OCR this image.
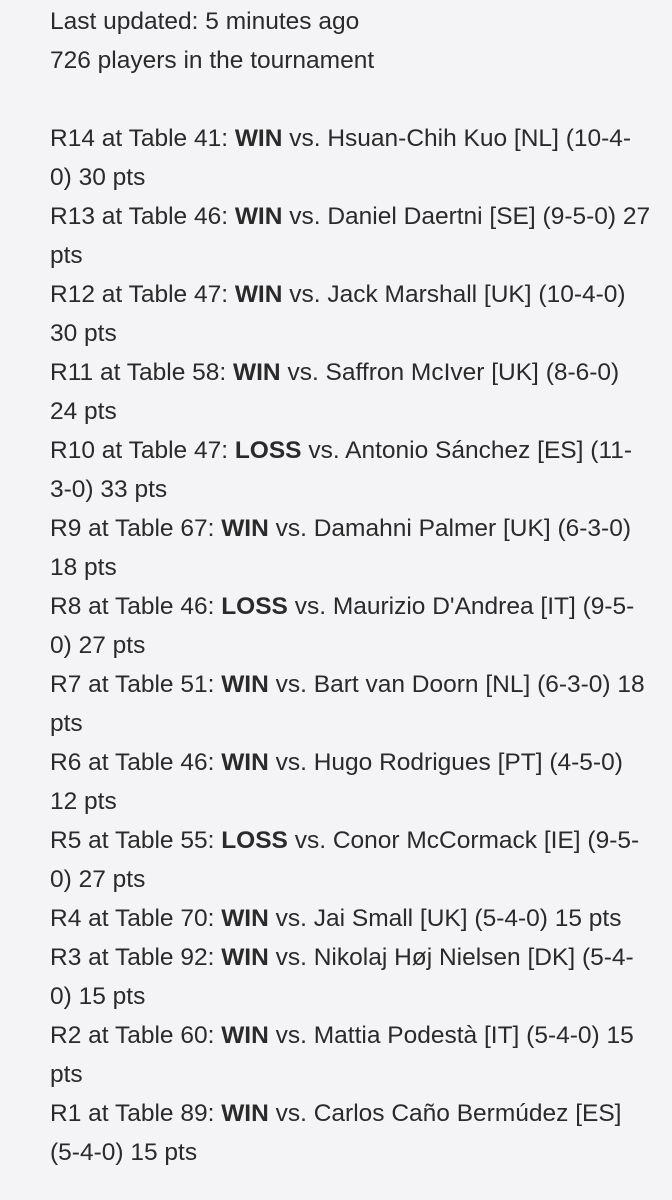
Last updated: 5 minutes ago
726 players in the tournament
R14 at Table 41: WIN vs. Hsuan-Chih Kuo [NL] (10-4-0) 30 pts
R13 at Table 46: WIN vs. Daniel Daertni [SE] (9-5-0) 27 pts
R12 at Table 47: WIN vs. Jack Marshall [UK] (10-4-0) 30 pts
R11 at Table 58: WIN vs. Saffron McIver [UK] (8-6-0) 24 pts
R10 at Table 47: LOSS vs. Antonio Sánchez [ES] (11-3-0) 33 pts
R9 at Table 67: WIN vs. Damahni Palmer [UK] (6-3-0) 18 pts
R8 at Table 46: LOSS vs. Maurizio D'Andrea [IT] (9-5-0) 27 pts
R7 at Table 51: WIN vs. Bart van Doorn [NL] (6-3-0) 18 pts
R6 at Table 46: WIN vs. Hugo Rodrigues [PT] (4-5-0) 12 pts
R5 at Table 55: LOSS vs. Conor McCormack [IE] (9-5-0) 27 pts
R4 at Table 70: WIN vs. Jai Small [UK] (5-4-0) 15 pts
R3 at Table 92: WIN vs. Nikolaj Høj Nielsen [DK] (5-4-0) 15 pts
R2 at Table 60: WIN vs. Mattia Podestà [IT] (5-4-0) 15 pts
R1 at Table 89: WIN vs. Carlos Caño Bermúdez [ES] (5-4-0) 15 pts
